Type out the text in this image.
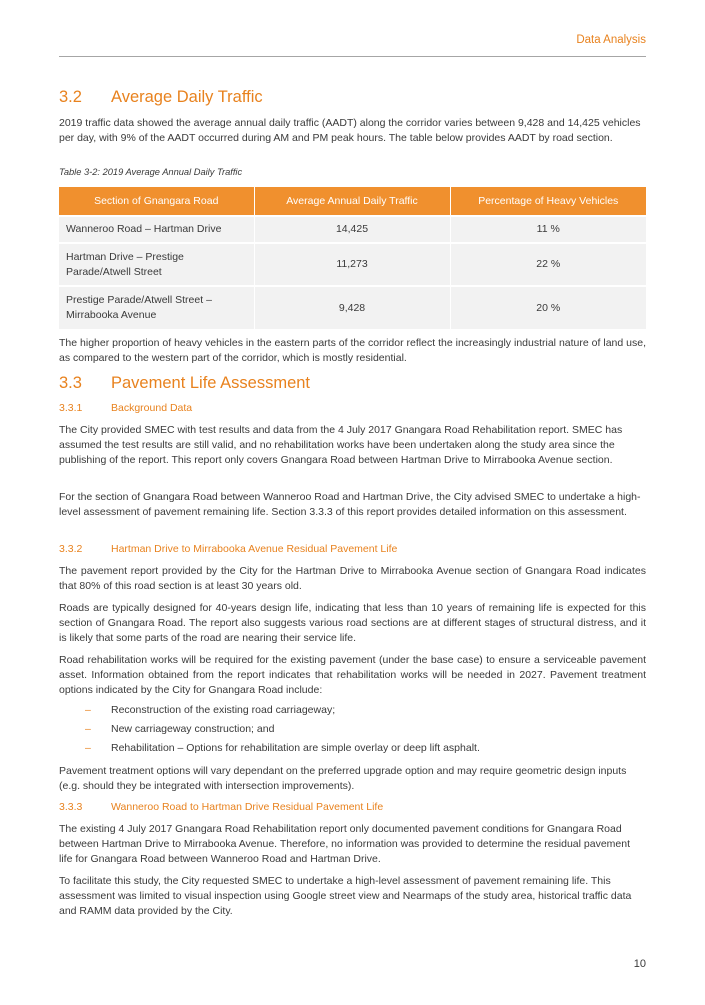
Data Analysis
3.2	Average Daily Traffic

2019 traffic data showed the average annual daily traffic (AADT) along the corridor varies between 9,428 and 14,425 vehicles per day, with 9% of the AADT occurred during AM and PM peak hours. The table below provides AADT by road section.

Table 3-2: 2019 Average Annual Daily Traffic
Section of Gnangara Road	Average Annual Daily Traffic	Percentage of Heavy Vehicles
Wanneroo Road – Hartman Drive	14,425	11 %
Hartman Drive – Prestige Parade/Atwell Street	11,273	22 %
Prestige Parade/Atwell Street – Mirrabooka Avenue	9,428	20 %

The higher proportion of heavy vehicles in the eastern parts of the corridor reflect the increasingly industrial nature of land use, as compared to the western part of the corridor, which is mostly residential.

3.3	Pavement Life Assessment
3.3.1	Background Data

The City provided SMEC with test results and data from the 4 July 2017 Gnangara Road Rehabilitation report. SMEC has assumed the test results are still valid, and no rehabilitation works have been undertaken along the study area since the publishing of the report. This report only covers Gnangara Road between Hartman Drive to Mirrabooka Avenue section.

For the section of Gnangara Road between Wanneroo Road and Hartman Drive, the City advised SMEC to undertake a high-level assessment of pavement remaining life. Section 3.3.3 of this report provides detailed information on this assessment.

3.3.2	Hartman Drive to Mirrabooka Avenue Residual Pavement Life

The pavement report provided by the City for the Hartman Drive to Mirrabooka Avenue section of Gnangara Road indicates that 80% of this road section is at least 30 years old.

Roads are typically designed for 40-years design life, indicating that less than 10 years of remaining life is expected for this section of Gnangara Road. The report also suggests various road sections are at different stages of structural distress, and it is likely that some parts of the road are nearing their service life.

Road rehabilitation works will be required for the existing pavement (under the base case) to ensure a serviceable pavement asset. Information obtained from the report indicates that rehabilitation works will be needed in 2027. Pavement treatment options indicated by the City for Gnangara Road include:

–	Reconstruction of the existing road carriageway;
–	New carriageway construction; and
–	Rehabilitation – Options for rehabilitation are simple overlay or deep lift asphalt.

Pavement treatment options will vary dependant on the preferred upgrade option and may require geometric design inputs (e.g. should they be integrated with intersection improvements).

3.3.3	Wanneroo Road to Hartman Drive Residual Pavement Life

The existing 4 July 2017 Gnangara Road Rehabilitation report only documented pavement conditions for Gnangara Road between Hartman Drive to Mirrabooka Avenue. Therefore, no information was provided to determine the residual pavement life for Gnangara Road between Wanneroo Road and Hartman Drive.

To facilitate this study, the City requested SMEC to undertake a high-level assessment of pavement remaining life. This assessment was limited to visual inspection using Google street view and Nearmaps of the study area, historical traffic data and RAMM data provided by the City.

10
